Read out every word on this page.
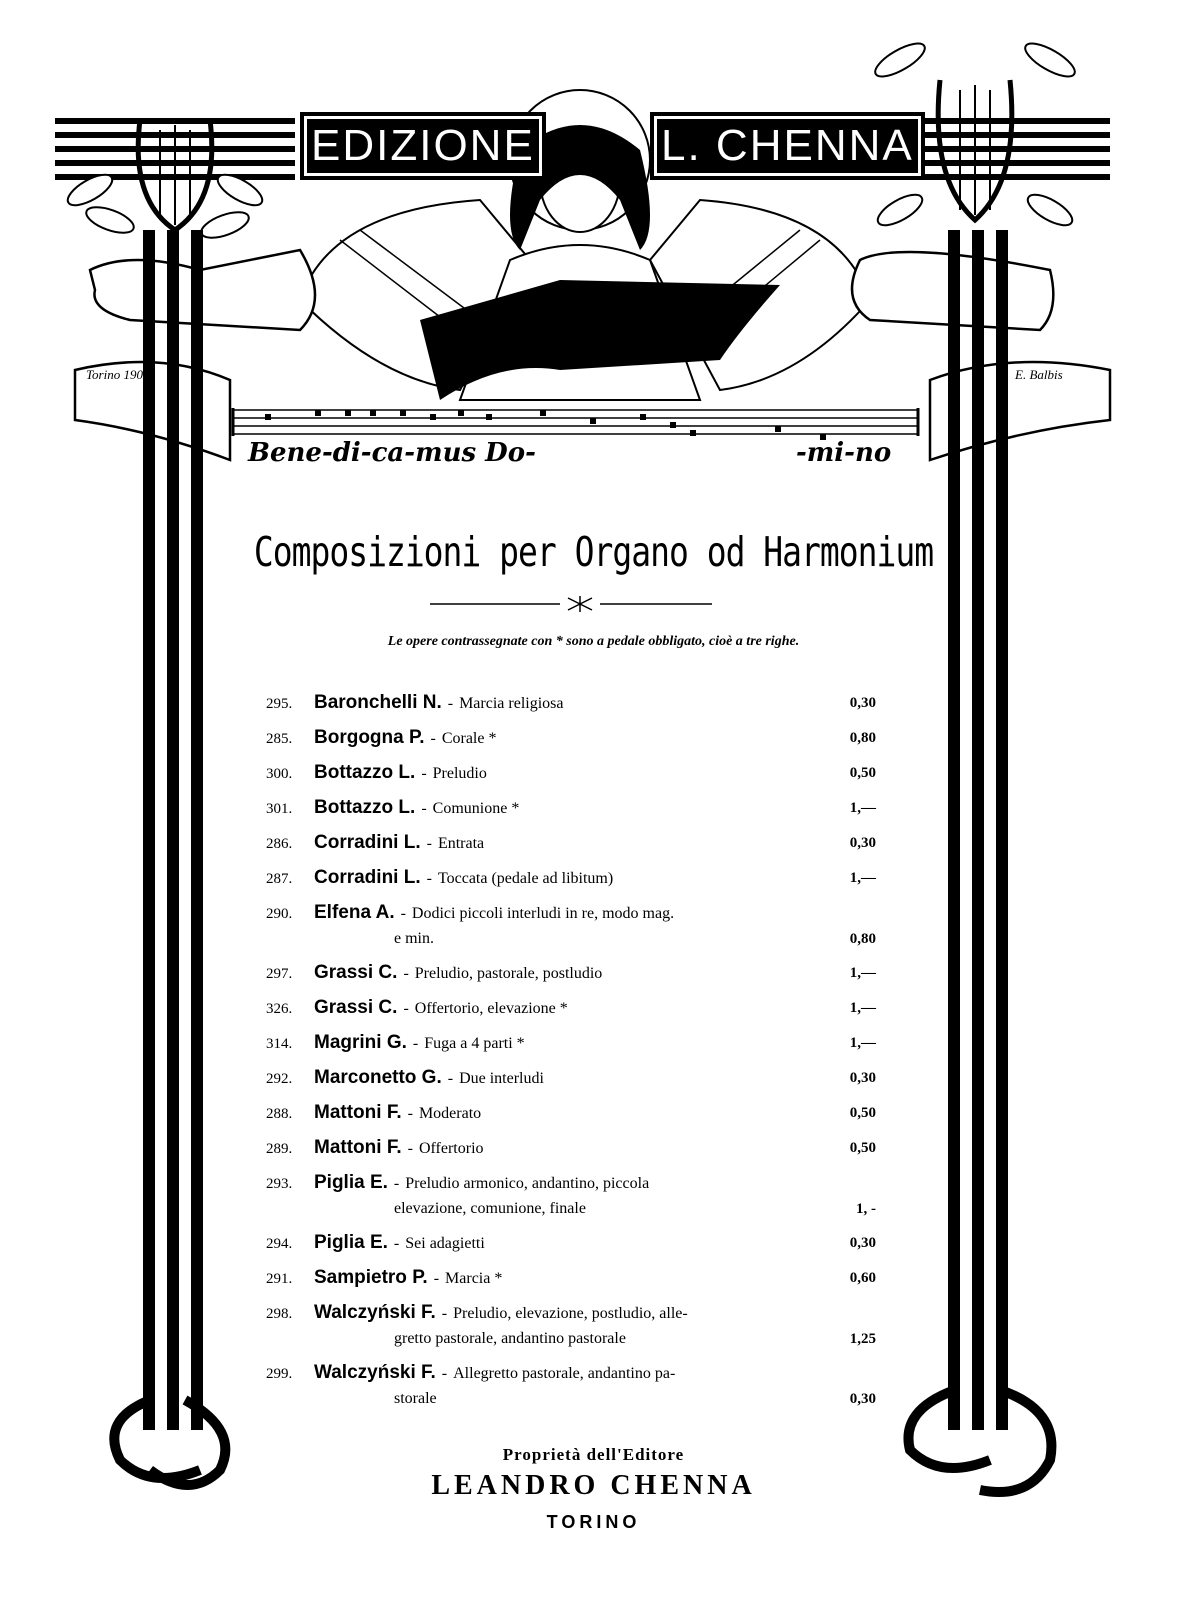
EDIZIONE	L. CHENNA
Torino 1909	E. Balbis
Bene-di-ca-mus Do-	-mi-no
Composizioni per Organo od Harmonium
Le opere contrassegnate con * sono a pedale obbligato, cioè a tre righe.
295. Baronchelli N. - Marcia religiosa	0,30
285. Borgogna P. - Corale *	0,80
300. Bottazzo L. - Preludio	0,50
301. Bottazzo L. - Comunione *	1,—
286. Corradini L. - Entrata	0,30
287. Corradini L. - Toccata (pedale ad libitum)	1,—
290. Elfena A. - Dodici piccoli interludi in re, modo mag.
e min.	0,80
297. Grassi C. - Preludio, pastorale, postludio	1,—
326. Grassi C. - Offertorio, elevazione *	1,—
314. Magrini G. - Fuga a 4 parti *	1,—
292. Marconetto G. - Due interludi	0,30
288. Mattoni F. - Moderato	0,50
289. Mattoni F. - Offertorio	0,50
293. Piglia E. - Preludio armonico, andantino, piccola
elevazione, comunione, finale	1, -
294. Piglia E. - Sei adagietti	0,30
291. Sampietro P. - Marcia *	0,60
298. Walczyński F. - Preludio, elevazione, postludio, alle-
gretto pastorale, andantino pastorale	1,25
299. Walczyński F. - Allegretto pastorale, andantino pa-
storale	0,30
Proprietà dell'Editore
LEANDRO CHENNA
TORINO
